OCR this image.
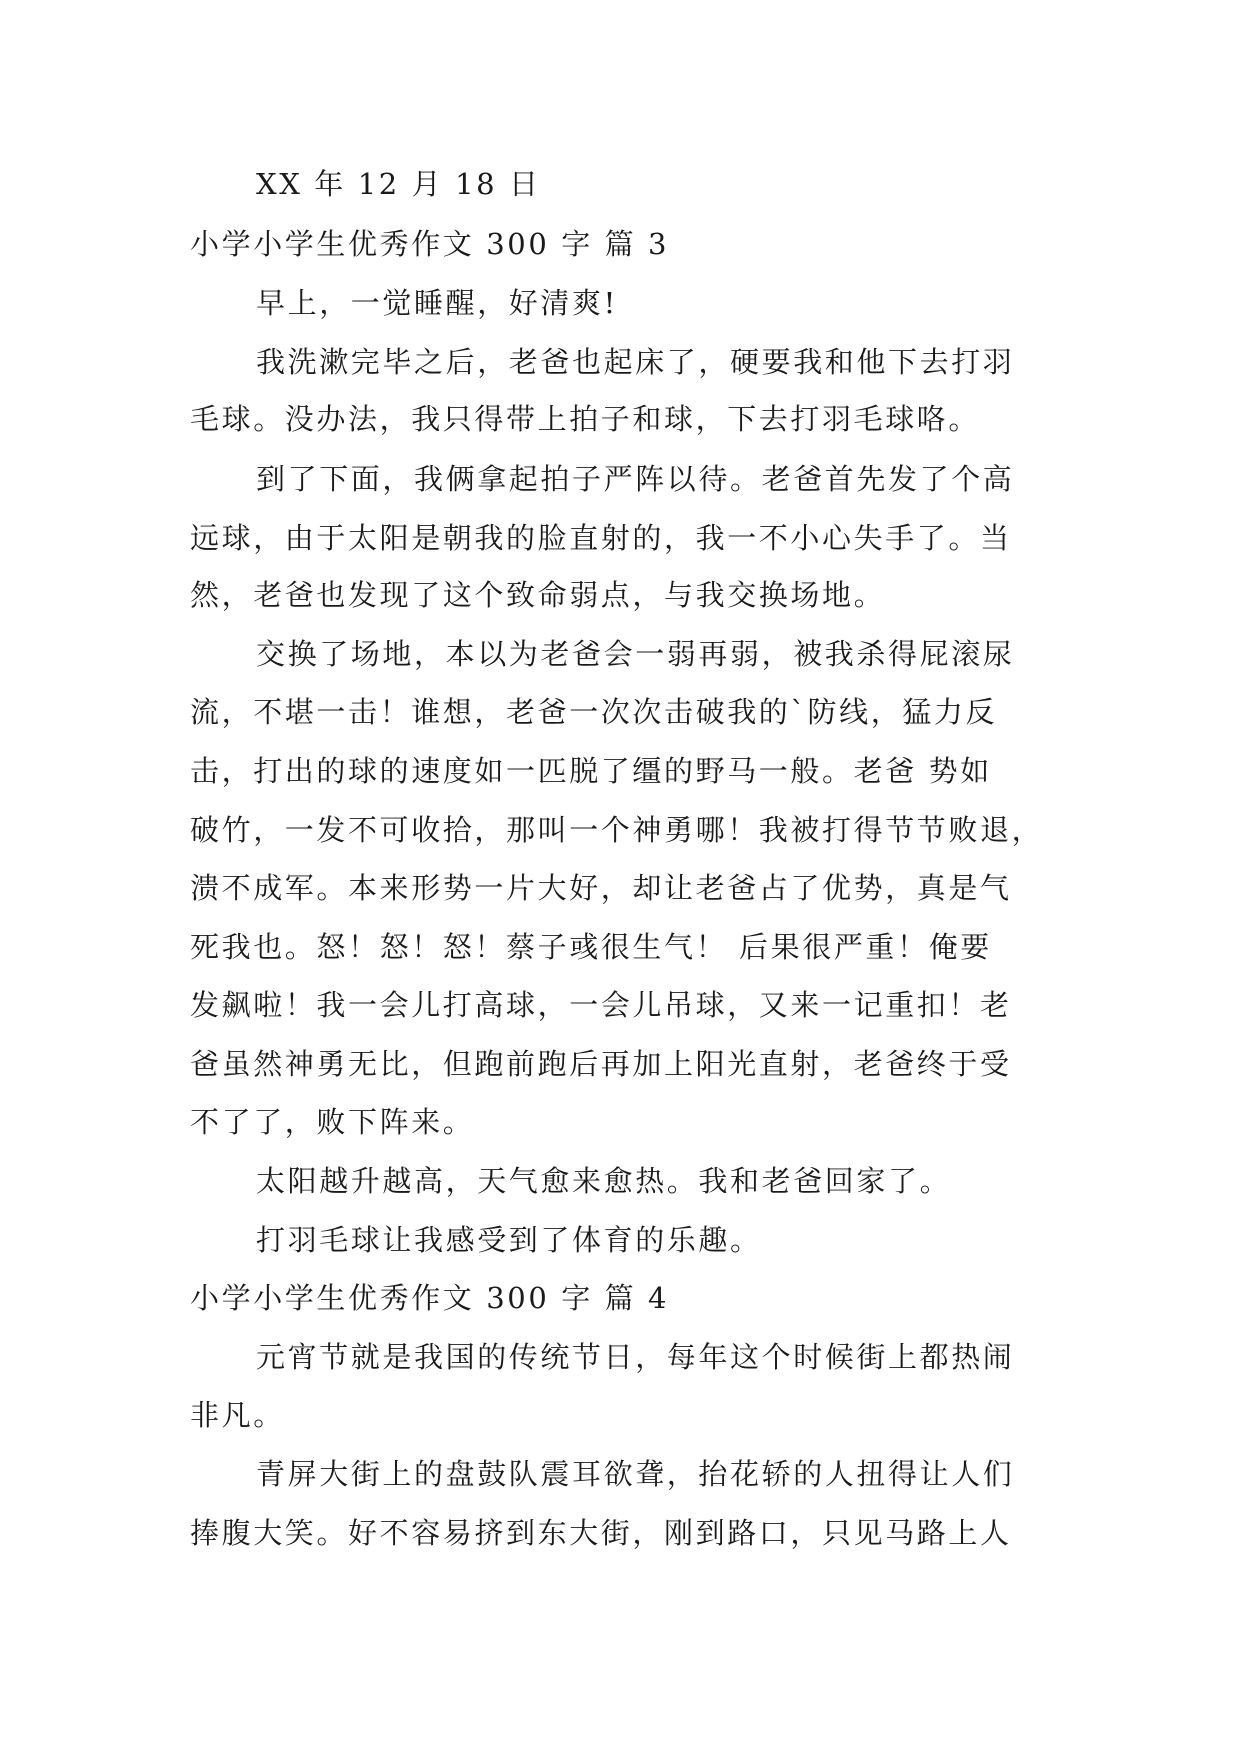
XX 年 12 月 18 日
小学小学生优秀作文 300 字 篇 3
早上，一觉睡醒，好清爽!
我洗漱完毕之后，老爸也起床了，硬要我和他下去打羽
毛球。没办法，我只得带上拍子和球，下去打羽毛球咯。
到了下面，我俩拿起拍子严阵以待。老爸首先发了个高
远球，由于太阳是朝我的脸直射的，我一不小心失手了。当
然，老爸也发现了这个致命弱点，与我交换场地。
交换了场地，本以为老爸会一弱再弱，被我杀得屁滚尿
流，不堪一击！谁想，老爸一次次击破我的`防线，猛力反
击，打出的球的速度如一匹脱了缰的野马一般。老爸 势如
破竹，一发不可收拾，那叫一个神勇哪！我被打得节节败退，
溃不成军。本来形势一片大好，却让老爸占了优势，真是气
死我也。怒！怒！怒！蔡子彧很生气！ 后果很严重！俺要
发飙啦！我一会儿打高球，一会儿吊球，又来一记重扣！老
爸虽然神勇无比，但跑前跑后再加上阳光直射，老爸终于受
不了了，败下阵来。
太阳越升越高，天气愈来愈热。我和老爸回家了。
打羽毛球让我感受到了体育的乐趣。
小学小学生优秀作文 300 字 篇 4
元宵节就是我国的传统节日，每年这个时候街上都热闹
非凡。
青屏大街上的盘鼓队震耳欲聋，抬花轿的人扭得让人们
捧腹大笑。好不容易挤到东大街，刚到路口，只见马路上人
